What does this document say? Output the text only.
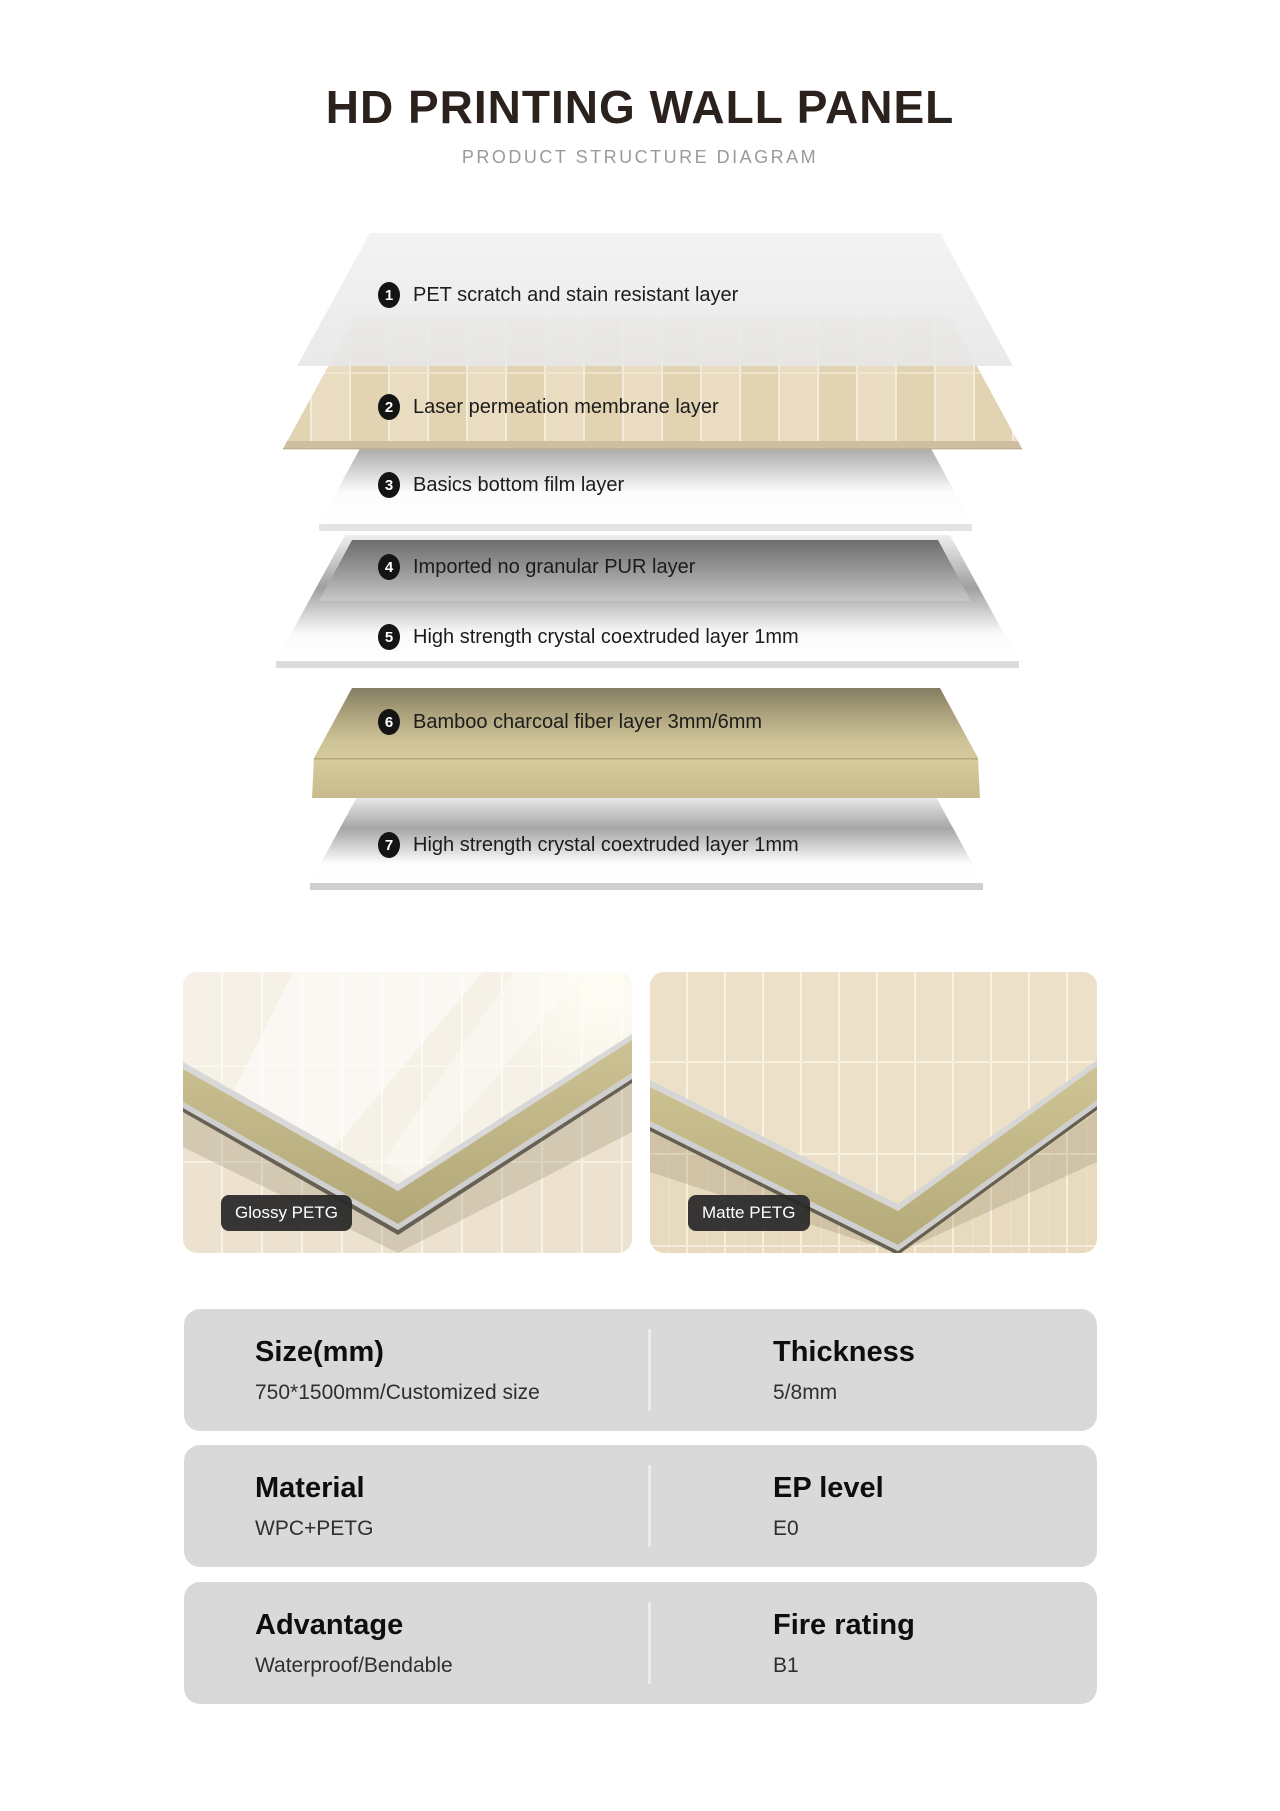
HD PRINTING WALL PANEL
PRODUCT STRUCTURE DIAGRAM
1 PET scratch and stain resistant layer
2 Laser permeation membrane layer
3 Basics bottom film layer
4 Imported no granular PUR layer
5 High strength crystal coextruded layer 1mm
6 Bamboo charcoal fiber layer 3mm/6mm
7 High strength crystal coextruded layer 1mm
Glossy PETG	Matte PETG
Size(mm)
750*1500mm/Customized size
Thickness
5/8mm
Material
WPC+PETG
EP level
E0
Advantage
Waterproof/Bendable
Fire rating
B1
